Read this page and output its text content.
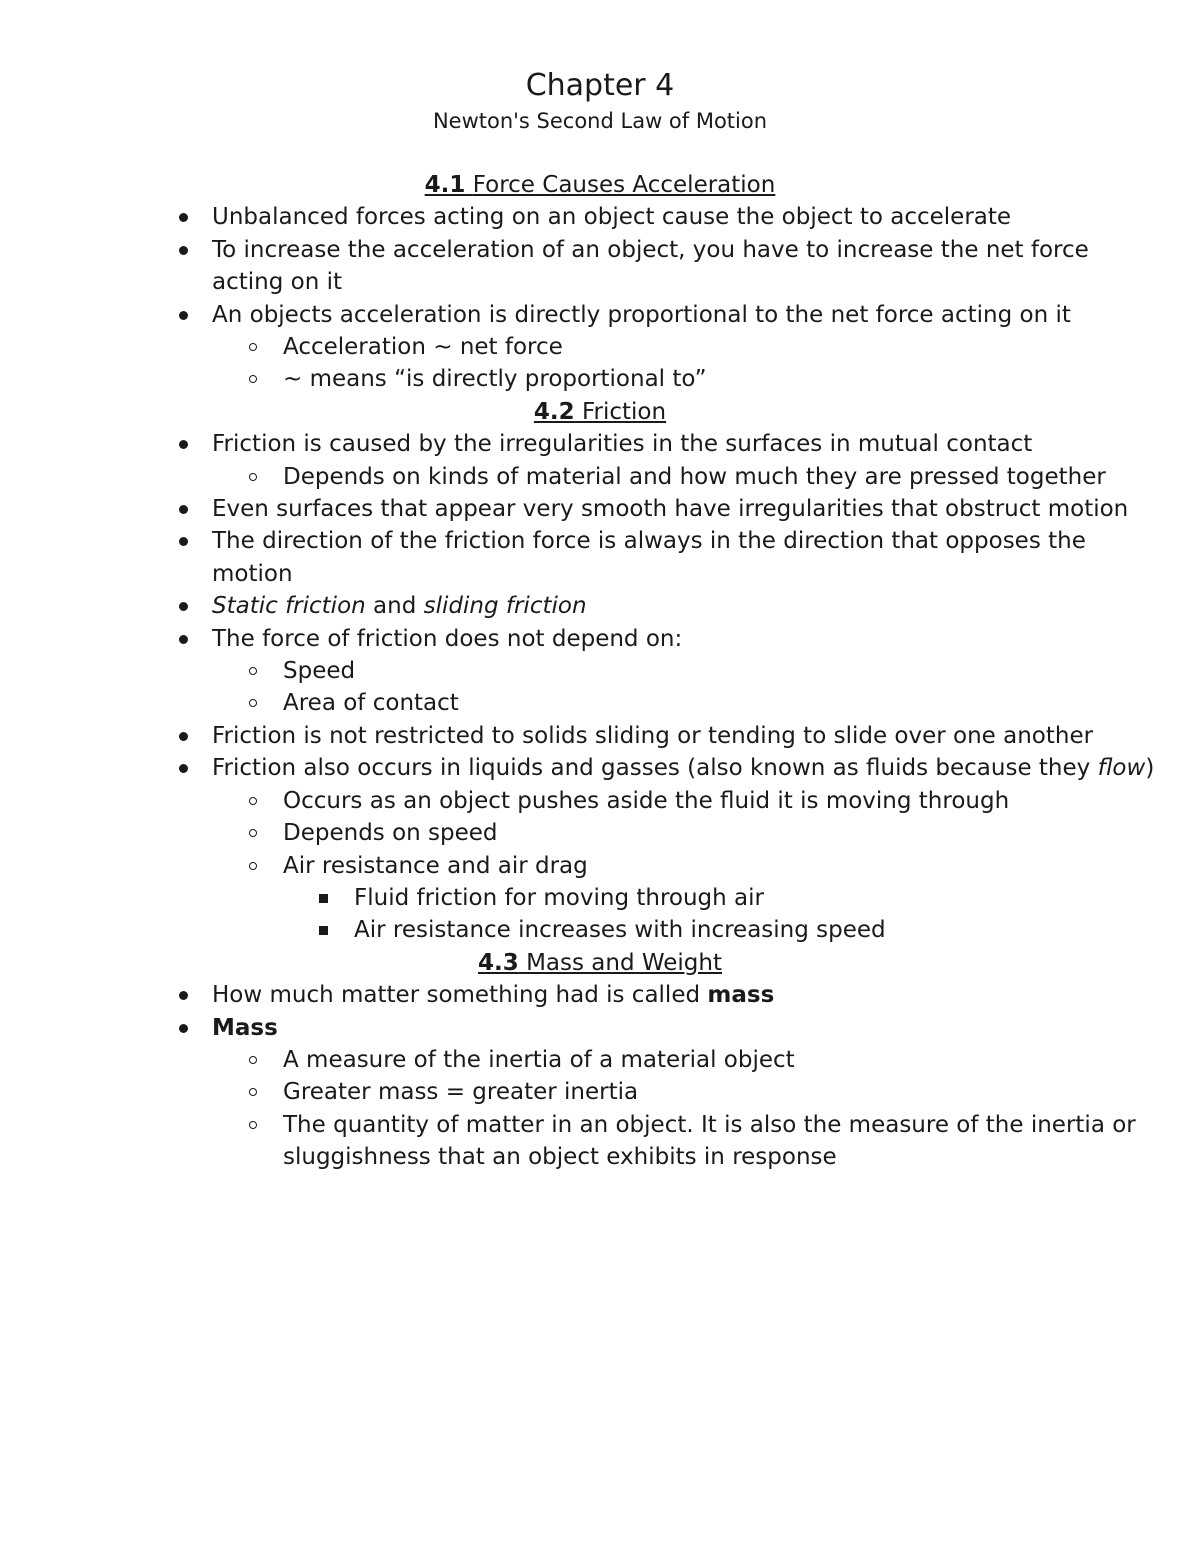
Chapter 4
Newton's Second Law of Motion
4.1 Force Causes Acceleration
Unbalanced forces acting on an object cause the object to accelerate
To increase the acceleration of an object, you have to increase the net force acting on it
An objects acceleration is directly proportional to the net force acting on it
Acceleration ~ net force
~ means “is directly proportional to”
4.2 Friction
Friction is caused by the irregularities in the surfaces in mutual contact
Depends on kinds of material and how much they are pressed together
Even surfaces that appear very smooth have irregularities that obstruct motion
The direction of the friction force is always in the direction that opposes the motion
Static friction and sliding friction
The force of friction does not depend on:
Speed
Area of contact
Friction is not restricted to solids sliding or tending to slide over one another
Friction also occurs in liquids and gasses (also known as fluids because they flow)
Occurs as an object pushes aside the fluid it is moving through
Depends on speed
Air resistance and air drag
Fluid friction for moving through air
Air resistance increases with increasing speed
4.3 Mass and Weight
How much matter something had is called mass
Mass
A measure of the inertia of a material object
Greater mass = greater inertia
The quantity of matter in an object. It is also the measure of the inertia or sluggishness that an object exhibits in response
